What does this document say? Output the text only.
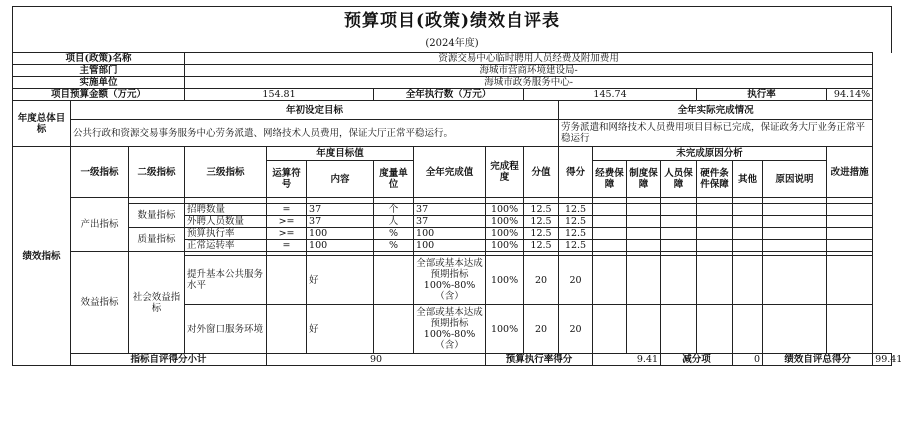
预算项目(政策)绩效自评表
(2024年度)
项目(政策)名称			资源交易中心临时聘用人员经费及附加费用															
主管部门			海城市营商环境建设局-															
实施单位			海城市政务服务中心-															
项目预算金额（万元）			154.81			全年执行数（万元）			145.74					执行率			94.14%	
年度总体目标	年初设定目标									全年实际完成情况								
	公共行政和资源交易事务服务中心劳务派遣、网络技术人员费用，保证大厅正常平稳运行。									劳务派遣和网络技术人员费用项目目标已完成，保证政务大厅业务正常平稳运行								
绩效指标	一级指标	二级指标	三级指标	年度目标值			全年完成值	完成程度	分值	得分	未完成原因分析						改进措施	
				运算符号	内容	度量单位					经费保障	制度保障	人员保障	硬件条件保障	其他	原因说明		
	产出指标																	
		数量指标	招聘数量	=	37	个	37	100%	12.5	12.5								
			外聘人员数量	>=	37	人	37	100%	12.5	12.5								
		质量指标	预算执行率	>=	100	%	100	100%	12.5	12.5								
			正常运转率	=	100	%	100	100%	12.5	12.5								
	效益指标	社会效益指标																
			提升基本公共服务水平		好		全部或基本达成预期指标100%-80%（含）	100%	20	20								
			对外窗口服务环境		好		全部或基本达成预期指标100%-80%（含）	100%	20	20								
	指标自评得分小计			90				预算执行率得分			9.41		减分项		0	绩效自评总得分		99.41
